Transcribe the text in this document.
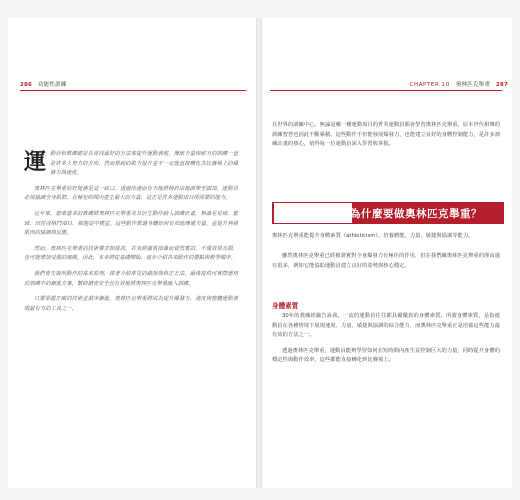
286 功能性訓練	CHAPTER 10 奧林匹克舉重 287

運動員和教練總是在尋找最好的方法來提升運動表現，傳統力量與耐力的訓練一直是許多人努力的方向，然而單純的肌力提升並不一定能直接轉化為比賽場上的爆發力與速度。

奧林匹克舉重恰好能補足這一缺口。透過快速而有力地將槓鈴由地面舉至頭頂，運動員必須協調全身肌群、在極短時間內產生最大的力量，這正是許多運動項目所需要的能力。

近年來，愈來愈多的教練將奧林匹克舉重及其衍生動作納入訓練計畫，無論是足球、籃球、田徑或格鬥項目，都能從中獲益。這些動作教導身體如何有效地傳遞力量，並提升神經肌肉的協調與反應。

然而，奧林匹克舉重的技術要求相當高，若未經適當指導而貿然嘗試，不僅效果有限，也可能增加受傷的風險。因此，本章將從基礎開始，逐步介紹各項動作的要點與教學順序。

我們會先說明動作的基本原理，接著介紹常見的錯誤與修正方法，最後提供可實際運用於訓練中的漸進方案，幫助讀者安全且有效地將奧林匹克舉重融入訓練。

只要掌握正確的技術並循序漸進，奧林匹克舉重將成為提升爆發力、速度與整體運動表現最有力的工具之一。

在世界的訓練中心，無論是哪一種運動項目的菁英運動員都會學習奧林匹克舉重，原本世代相傳的訓練智慧也因此不斷累積。這些動作不但能發展爆發力，也能建立良好的身體控制能力，是許多訓練計畫的核心，值得每一位運動員深入學習與掌握。

為什麼要做奧林匹克舉重？
奧林匹克舉重能提升身體素質（athleticism），培養體能、力量、敏捷與協調等能力。

雖然奧林匹克舉重已經被證實對全身爆發力有極佳的作用，但在我們練奧林匹克舉重的理由還有很多，例如它能協助運動員建立良好的姿勢與核心穩定。

身體素質

30年的教練經驗告訴我，一流的運動員往往都具備優異的身體素質。所謂身體素質，是指運動員在各種情境下展現速度、力量、敏捷與協調的綜合能力，而奧林匹克舉重正是培養這些能力最有效的方法之一。

透過奧林匹克舉重，運動員能夠學習如何在短時間內產生並控制巨大的力量，同時提升身體的穩定性與動作效率，這些都能直接轉化到比賽場上。
